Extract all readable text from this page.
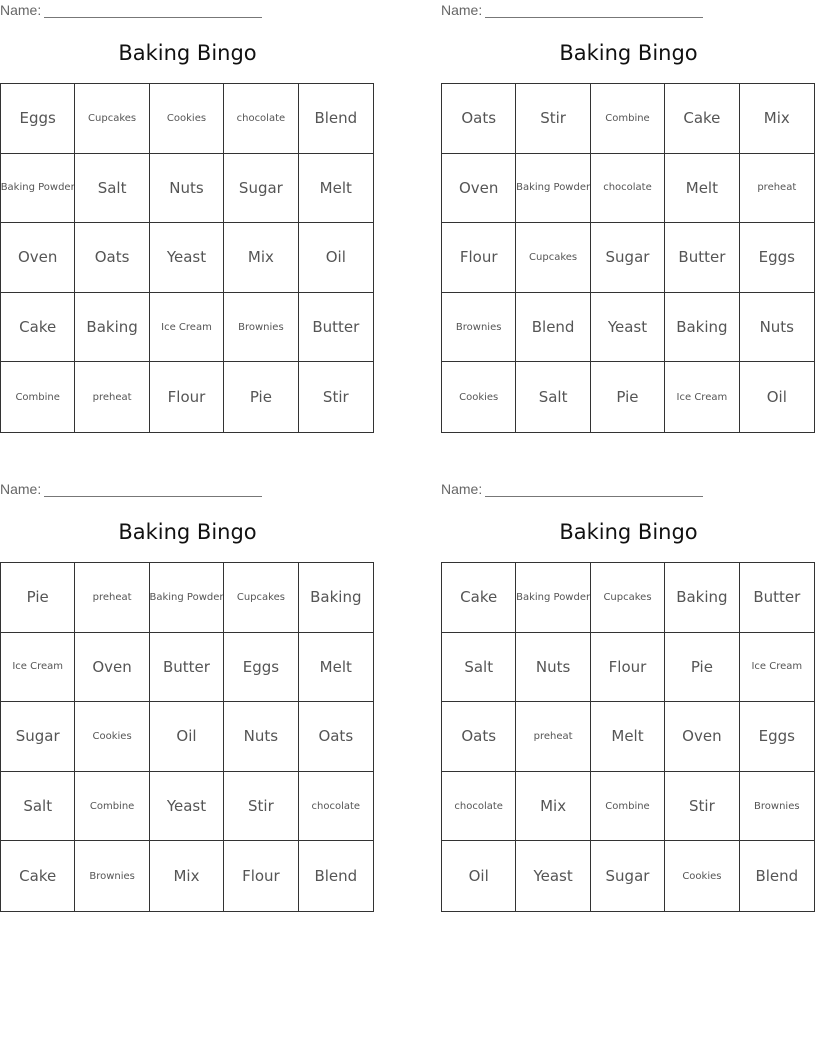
Name:
Baking Bingo
Eggs	Cupcakes	Cookies	chocolate	Blend
Baking Powder	Salt	Nuts	Sugar	Melt
Oven	Oats	Yeast	Mix	Oil
Cake	Baking	Ice Cream	Brownies	Butter
Combine	preheat	Flour	Pie	Stir
Name:
Baking Bingo
Oats	Stir	Combine	Cake	Mix
Oven	Baking Powder	chocolate	Melt	preheat
Flour	Cupcakes	Sugar	Butter	Eggs
Brownies	Blend	Yeast	Baking	Nuts
Cookies	Salt	Pie	Ice Cream	Oil
Name:
Baking Bingo
Pie	preheat	Baking Powder	Cupcakes	Baking
Ice Cream	Oven	Butter	Eggs	Melt
Sugar	Cookies	Oil	Nuts	Oats
Salt	Combine	Yeast	Stir	chocolate
Cake	Brownies	Mix	Flour	Blend
Name:
Baking Bingo
Cake	Baking Powder	Cupcakes	Baking	Butter
Salt	Nuts	Flour	Pie	Ice Cream
Oats	preheat	Melt	Oven	Eggs
chocolate	Mix	Combine	Stir	Brownies
Oil	Yeast	Sugar	Cookies	Blend
